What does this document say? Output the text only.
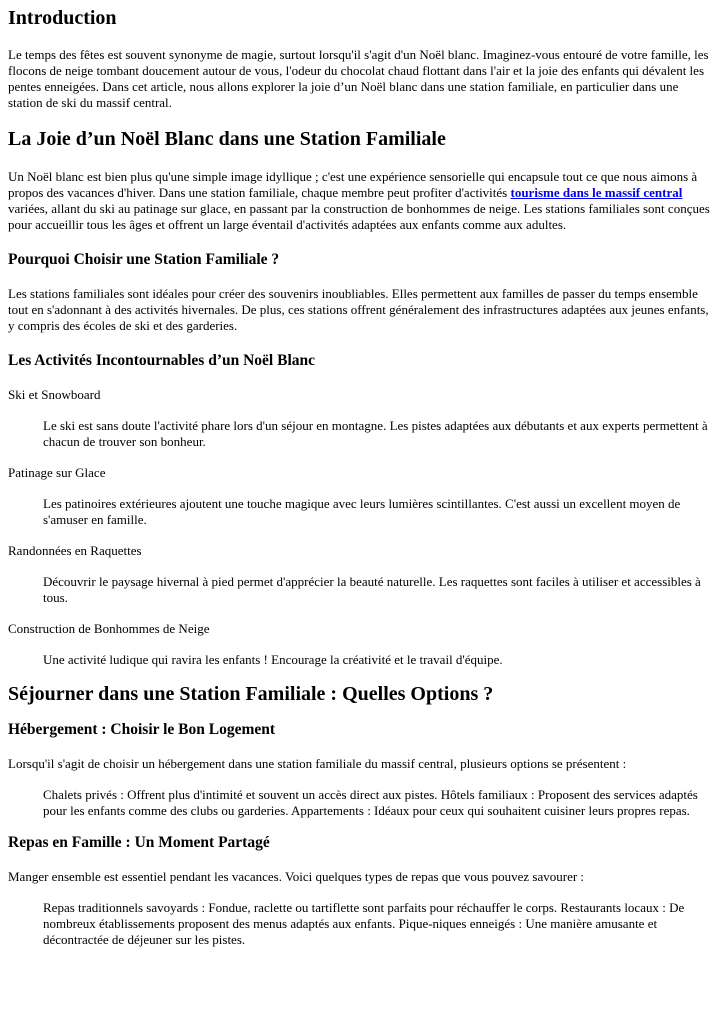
Introduction

Le temps des fêtes est souvent synonyme de magie, surtout lorsqu'il s'agit d'un Noël blanc. Imaginez-vous entouré de votre famille, les flocons de neige tombant doucement autour de vous, l'odeur du chocolat chaud flottant dans l'air et la joie des enfants qui dévalent les pentes enneigées. Dans cet article, nous allons explorer la joie d’un Noël blanc dans une station familiale, en particulier dans une station de ski du massif central.

La Joie d’un Noël Blanc dans une Station Familiale

Un Noël blanc est bien plus qu'une simple image idyllique ; c'est une expérience sensorielle qui encapsule tout ce que nous aimons à propos des vacances d'hiver. Dans une station familiale, chaque membre peut profiter d'activités tourisme dans le massif central variées, allant du ski au patinage sur glace, en passant par la construction de bonhommes de neige. Les stations familiales sont conçues pour accueillir tous les âges et offrent un large éventail d'activités adaptées aux enfants comme aux adultes.

Pourquoi Choisir une Station Familiale ?

Les stations familiales sont idéales pour créer des souvenirs inoubliables. Elles permettent aux familles de passer du temps ensemble tout en s'adonnant à des activités hivernales. De plus, ces stations offrent généralement des infrastructures adaptées aux jeunes enfants, y compris des écoles de ski et des garderies.

Les Activités Incontournables d’un Noël Blanc

Ski et Snowboard

Le ski est sans doute l'activité phare lors d'un séjour en montagne. Les pistes adaptées aux débutants et aux experts permettent à chacun de trouver son bonheur.

Patinage sur Glace

Les patinoires extérieures ajoutent une touche magique avec leurs lumières scintillantes. C'est aussi un excellent moyen de s'amuser en famille.

Randonnées en Raquettes

Découvrir le paysage hivernal à pied permet d'apprécier la beauté naturelle. Les raquettes sont faciles à utiliser et accessibles à tous.

Construction de Bonhommes de Neige

Une activité ludique qui ravira les enfants ! Encourage la créativité et le travail d'équipe.

Séjourner dans une Station Familiale : Quelles Options ?
Hébergement : Choisir le Bon Logement

Lorsqu'il s'agit de choisir un hébergement dans une station familiale du massif central, plusieurs options se présentent :

Chalets privés : Offrent plus d'intimité et souvent un accès direct aux pistes. Hôtels familiaux : Proposent des services adaptés pour les enfants comme des clubs ou garderies. Appartements : Idéaux pour ceux qui souhaitent cuisiner leurs propres repas.

Repas en Famille : Un Moment Partagé

Manger ensemble est essentiel pendant les vacances. Voici quelques types de repas que vous pouvez savourer :

Repas traditionnels savoyards : Fondue, raclette ou tartiflette sont parfaits pour réchauffer le corps. Restaurants locaux : De nombreux établissements proposent des menus adaptés aux enfants. Pique-niques enneigés : Une manière amusante et décontractée de déjeuner sur les pistes.
